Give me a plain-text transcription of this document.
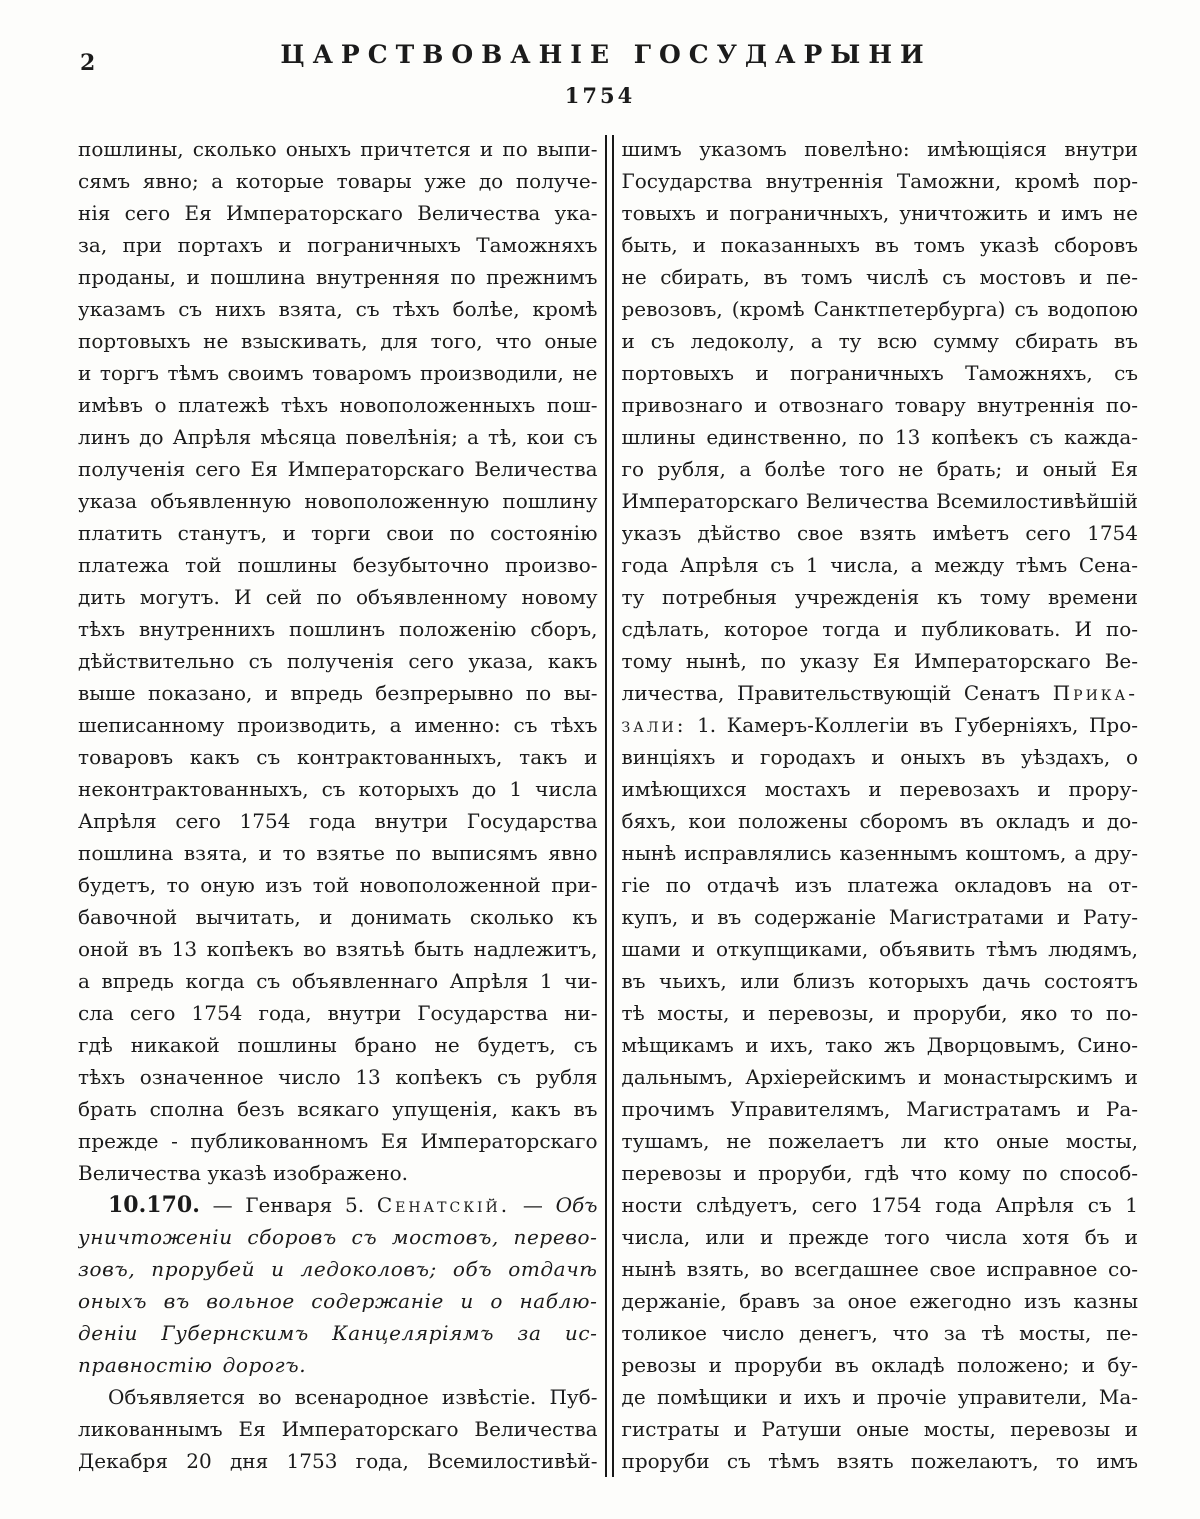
2	ЦАРСТВОВАНІЕ ГОСУДАРЫНИ
1754
пошлины, сколько оныхъ причтется и по выпи-
сямъ явно; а которые товары уже до получе-
нія сего Ея Императорскаго Величества ука-
за, при портахъ и пограничныхъ Таможняхъ
проданы, и пошлина внутренняя по прежнимъ
указамъ съ нихъ взята, съ тѣхъ болѣе, кромѣ
портовыхъ не взыскивать, для того, что оные
и торгъ тѣмъ своимъ товаромъ производили, не
имѣвъ о платежѣ тѣхъ новоположенныхъ пош-
линъ до Апрѣля мѣсяца повелѣнія; а тѣ, кои съ
полученія сего Ея Императорскаго Величества
указа объявленную новоположенную пошлину
платить станутъ, и торги свои по состоянію
платежа той пошлины безубыточно произво-
дить могутъ. И сей по объявленному новому
тѣхъ внутреннихъ пошлинъ положенію сборъ,
дѣйствительно съ полученія сего указа, какъ
выше показано, и впредь безпрерывно по вы-
шеписанному производить, а именно: съ тѣхъ
товаровъ какъ съ контрактованныхъ, такъ и
неконтрактованныхъ, съ которыхъ до 1 числа
Апрѣля сего 1754 года внутри Государства
пошлина взята, и то взятье по выписямъ явно
будетъ, то оную изъ той новоположенной при-
бавочной вычитать, и донимать сколько къ
оной въ 13 копѣекъ во взятьѣ быть надлежитъ,
а впредь когда съ объявленнаго Апрѣля 1 чи-
сла сего 1754 года, внутри Государства ни-
гдѣ никакой пошлины брано не будетъ, съ
тѣхъ означенное число 13 копѣекъ съ рубля
брать сполна безъ всякаго упущенія, какъ въ
прежде - публикованномъ Ея Императорскаго
Величества указѣ изображено.
10.170. — Генваря 5. Сенатскій. — Объ
уничтоженіи сборовъ съ мостовъ, перево-
зовъ, прорубей и ледоколовъ; объ отдачѣ
оныхъ въ вольное содержаніе и о наблю-
деніи Губернскимъ Канцеляріямъ за ис-
правностію дорогъ.
Объявляется во всенародное извѣстіе. Пуб-
ликованнымъ Ея Императорскаго Величества
Декабря 20 дня 1753 года, Всемилостивѣй-
шимъ указомъ повелѣно: имѣющіяся внутри
Государства внутреннія Таможни, кромѣ пор-
товыхъ и пограничныхъ, уничтожить и имъ не
быть, и показанныхъ въ томъ указѣ сборовъ
не сбирать, въ томъ числѣ съ мостовъ и пе-
ревозовъ, (кромѣ Санктпетербурга) съ водопою
и съ ледоколу, а ту всю сумму сбирать въ
портовыхъ и пограничныхъ Таможняхъ, съ
привознаго и отвознаго товару внутреннія по-
шлины единственно, по 13 копѣекъ съ кажда-
го рубля, а болѣе того не брать; и оный Ея
Императорскаго Величества Всемилостивѣйшій
указъ дѣйство свое взять имѣетъ сего 1754
года Апрѣля съ 1 числа, а между тѣмъ Сена-
ту потребныя учрежденія къ тому времени
сдѣлать, которое тогда и публиковать. И по-
тому нынѣ, по указу Ея Императорскаго Ве-
личества, Правительствующій Сенатъ Прика-
зали: 1. Камеръ-Коллегіи въ Губерніяхъ, Про-
винціяхъ и городахъ и оныхъ въ уѣздахъ, о
имѣющихся мостахъ и перевозахъ и прору-
бяхъ, кои положены сборомъ въ окладъ и до-
нынѣ исправлялись казеннымъ коштомъ, а дру-
гіе по отдачѣ изъ платежа окладовъ на от-
купъ, и въ содержаніе Магистратами и Рату-
шами и откупщиками, объявить тѣмъ людямъ,
въ чьихъ, или близъ которыхъ дачь состоятъ
тѣ мосты, и перевозы, и проруби, яко то по-
мѣщикамъ и ихъ, тако жъ Дворцовымъ, Сино-
дальнымъ, Архіерейскимъ и монастырскимъ и
прочимъ Управителямъ, Магистратамъ и Ра-
тушамъ, не пожелаетъ ли кто оные мосты,
перевозы и проруби, гдѣ что кому по способ-
ности слѣдуетъ, сего 1754 года Апрѣля съ 1
числа, или и прежде того числа хотя бъ и
нынѣ взять, во всегдашнее свое исправное со-
держаніе, бравъ за оное ежегодно изъ казны
толикое число денегъ, что за тѣ мосты, пе-
ревозы и проруби въ окладѣ положено; и бу-
де помѣщики и ихъ и прочіе управители, Ма-
гистраты и Ратуши оные мосты, перевозы и
проруби съ тѣмъ взять пожелаютъ, то имъ
